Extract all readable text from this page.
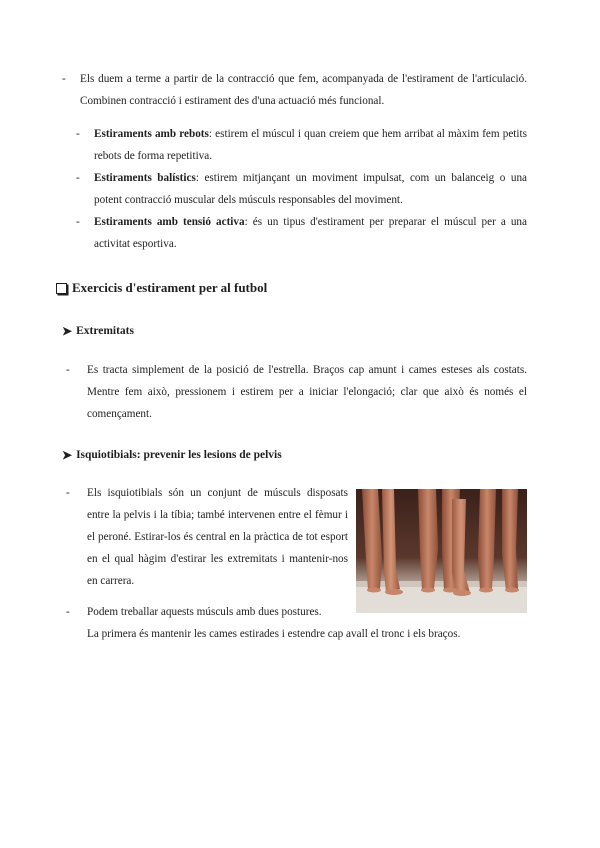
- Els duem a terme a partir de la contracció que fem, acompanyada de l'estirament de l'articulació. Combinen contracció i estirament des d'una actuació més funcional.
- Estiraments amb rebots: estirem el múscul i quan creiem que hem arribat al màxim fem petits rebots de forma repetitiva.
- Estiraments balístics: estirem mitjançant un moviment impulsat, com un balanceig o una potent contracció muscular dels músculs responsables del moviment.
- Estiraments amb tensió activa: és un tipus d'estirament per preparar el múscul per a una activitat esportiva.
Exercicis d'estirament per al futbol
➤ Extremitats
- Es tracta simplement de la posició de l'estrella. Braços cap amunt i cames esteses als costats. Mentre fem això, pressionem i estirem per a iniciar l'elongació; clar que això és només el començament.
➤ Isquiotibials: prevenir les lesions de pelvis
- Els isquiotibials són un conjunt de músculs disposats entre la pelvis i la tíbia; també intervenen entre el fèmur i el peroné. Estirar-los és central en la pràctica de tot esport en el qual hàgim d'estirar les extremitats i mantenir-nos en carrera.
- Podem treballar aquests músculs amb dues postures.
La primera és mantenir les cames estirades i estendre cap avall el tronc i els braços.
